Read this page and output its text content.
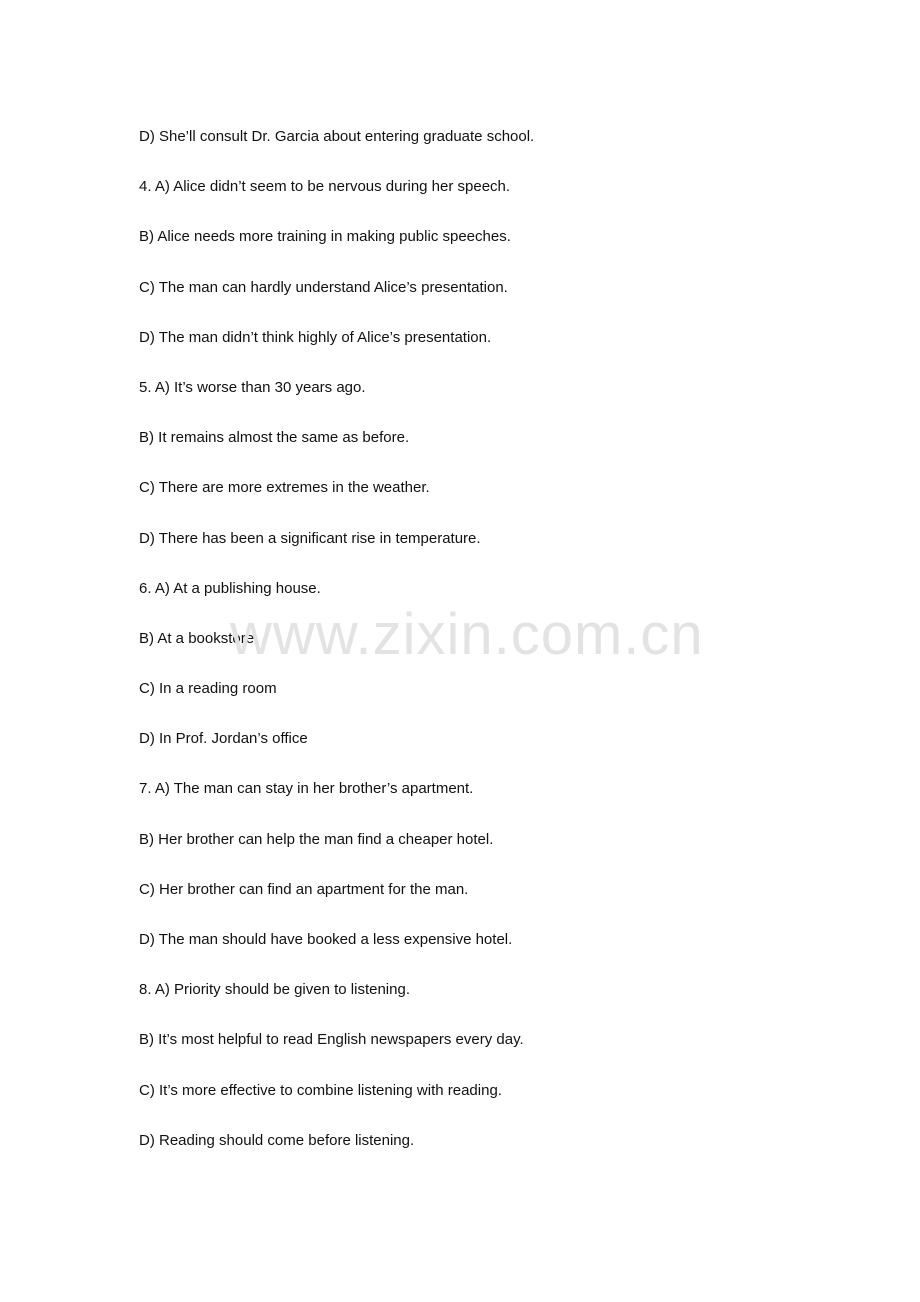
D) She’ll consult Dr. Garcia about entering graduate school.
4. A) Alice didn’t seem to be nervous during her speech.
B) Alice needs more training in making public speeches.
C) The man can hardly understand Alice’s presentation.
D) The man didn’t think highly of Alice’s presentation.
5. A) It’s worse than 30 years ago.
B) It remains almost the same as before.
C) There are more extremes in the weather.
D) There has been a significant rise in temperature.
6. A) At a publishing house.
B) At a bookstore.
C) In a reading room
D) In Prof. Jordan’s office
7. A) The man can stay in her brother’s apartment.
B) Her brother can help the man find a cheaper hotel.
C) Her brother can find an apartment for the man.
D) The man should have booked a less expensive hotel.
8. A) Priority should be given to listening.
B) It’s most helpful to read English newspapers every day.
C) It’s more effective to combine listening with reading.
D) Reading should come before listening.
www.zixin.com.cn
